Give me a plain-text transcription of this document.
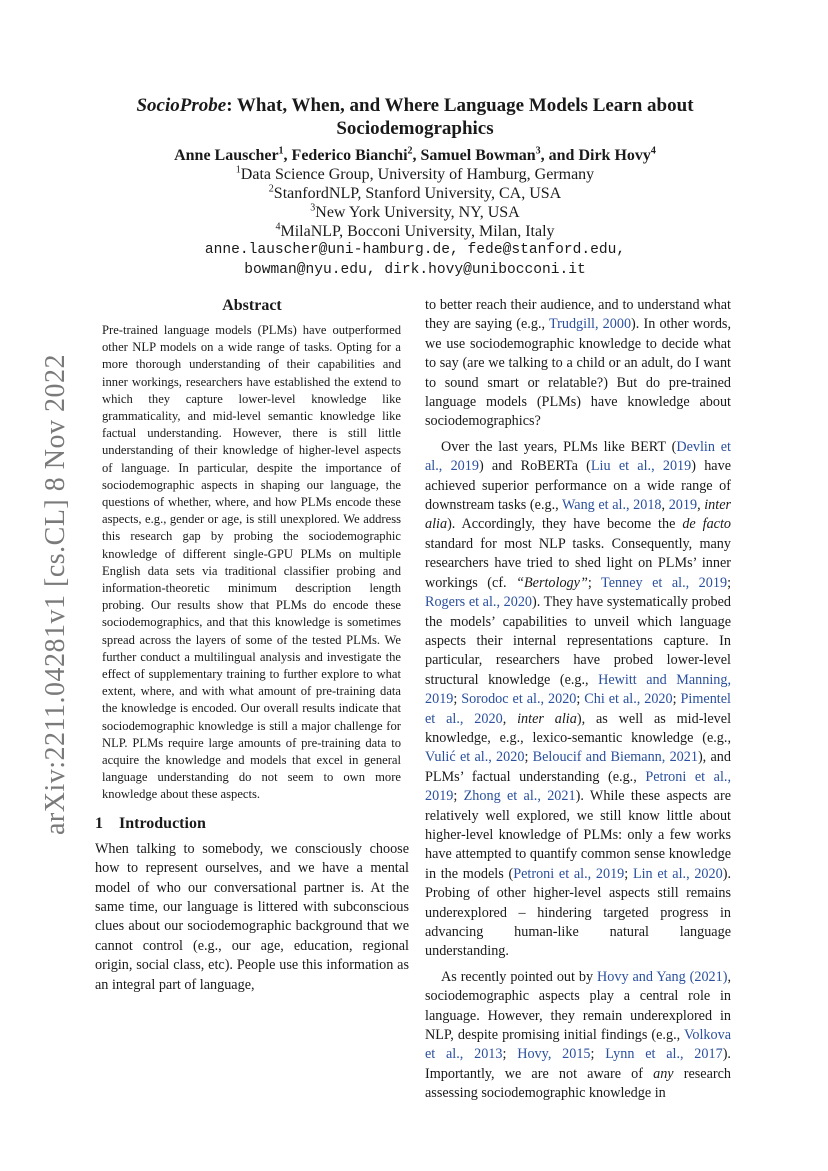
arXiv:2211.04281v1 [cs.CL] 8 Nov 2022
SocioProbe: What, When, and Where Language Models Learn about Sociodemographics
Anne Lauscher$^1$, Federico Bianchi$^2$, Samuel Bowman$^3$, and Dirk Hovy$^4$
$^1$Data Science Group, University of Hamburg, Germany
$^2$StanfordNLP, Stanford University, CA, USA
$^3$New York University, NY, USA
$^4$MilaNLP, Bocconi University, Milan, Italy
anne.lauscher@uni-hamburg.de, fede@stanford.edu,
bowman@nyu.edu, dirk.hovy@unibocconi.it
Abstract

Pre-trained language models (PLMs) have outperformed other NLP models on a wide range of tasks. Opting for a more thorough understanding of their capabilities and inner workings, researchers have established the extend to which they capture lower-level knowledge like grammaticality, and mid-level semantic knowledge like factual understanding. However, there is still little understanding of their knowledge of higher-level aspects of language. In particular, despite the importance of sociodemographic aspects in shaping our language, the questions of whether, where, and how PLMs encode these aspects, e.g., gender or age, is still unexplored. We address this research gap by probing the sociodemographic knowledge of different single-GPU PLMs on multiple English data sets via traditional classifier probing and information-theoretic minimum description length probing. Our results show that PLMs do encode these sociodemographics, and that this knowledge is sometimes spread across the layers of some of the tested PLMs. We further conduct a multilingual analysis and investigate the effect of supplementary training to further explore to what extent, where, and with what amount of pre-training data the knowledge is encoded. Our overall results indicate that sociodemographic knowledge is still a major challenge for NLP. PLMs require large amounts of pre-training data to acquire the knowledge and models that excel in general language understanding do not seem to own more knowledge about these aspects.

1 Introduction

When talking to somebody, we consciously choose how to represent ourselves, and we have a mental model of who our conversational partner is. At the same time, our language is littered with subconscious clues about our sociodemographic background that we cannot control (e.g., our age, education, regional origin, social class, etc). People use this information as an integral part of language,

to better reach their audience, and to understand what they are saying (e.g., Trudgill, 2000). In other words, we use sociodemographic knowledge to decide what to say (are we talking to a child or an adult, do I want to sound smart or relatable?) But do pre-trained language models (PLMs) have knowledge about sociodemographics?

Over the last years, PLMs like BERT (Devlin et al., 2019) and RoBERTa (Liu et al., 2019) have achieved superior performance on a wide range of downstream tasks (e.g., Wang et al., 2018, 2019, inter alia). Accordingly, they have become the de facto standard for most NLP tasks. Consequently, many researchers have tried to shed light on PLMs’ inner workings (cf. “Bertology”; Tenney et al., 2019; Rogers et al., 2020). They have systematically probed the models’ capabilities to unveil which language aspects their internal representations capture. In particular, researchers have probed lower-level structural knowledge (e.g., Hewitt and Manning, 2019; Sorodoc et al., 2020; Chi et al., 2020; Pimentel et al., 2020, inter alia), as well as mid-level knowledge, e.g., lexico-semantic knowledge (e.g., Vulić et al., 2020; Beloucif and Biemann, 2021), and PLMs’ factual understanding (e.g., Petroni et al., 2019; Zhong et al., 2021). While these aspects are relatively well explored, we still know little about higher-level knowledge of PLMs: only a few works have attempted to quantify common sense knowledge in the models (Petroni et al., 2019; Lin et al., 2020). Probing of other higher-level aspects still remains underexplored – hindering targeted progress in advancing human-like natural language understanding.

As recently pointed out by Hovy and Yang (2021), sociodemographic aspects play a central role in language. However, they remain underexplored in NLP, despite promising initial findings (e.g., Volkova et al., 2013; Hovy, 2015; Lynn et al., 2017). Importantly, we are not aware of any research assessing sociodemographic knowledge in
